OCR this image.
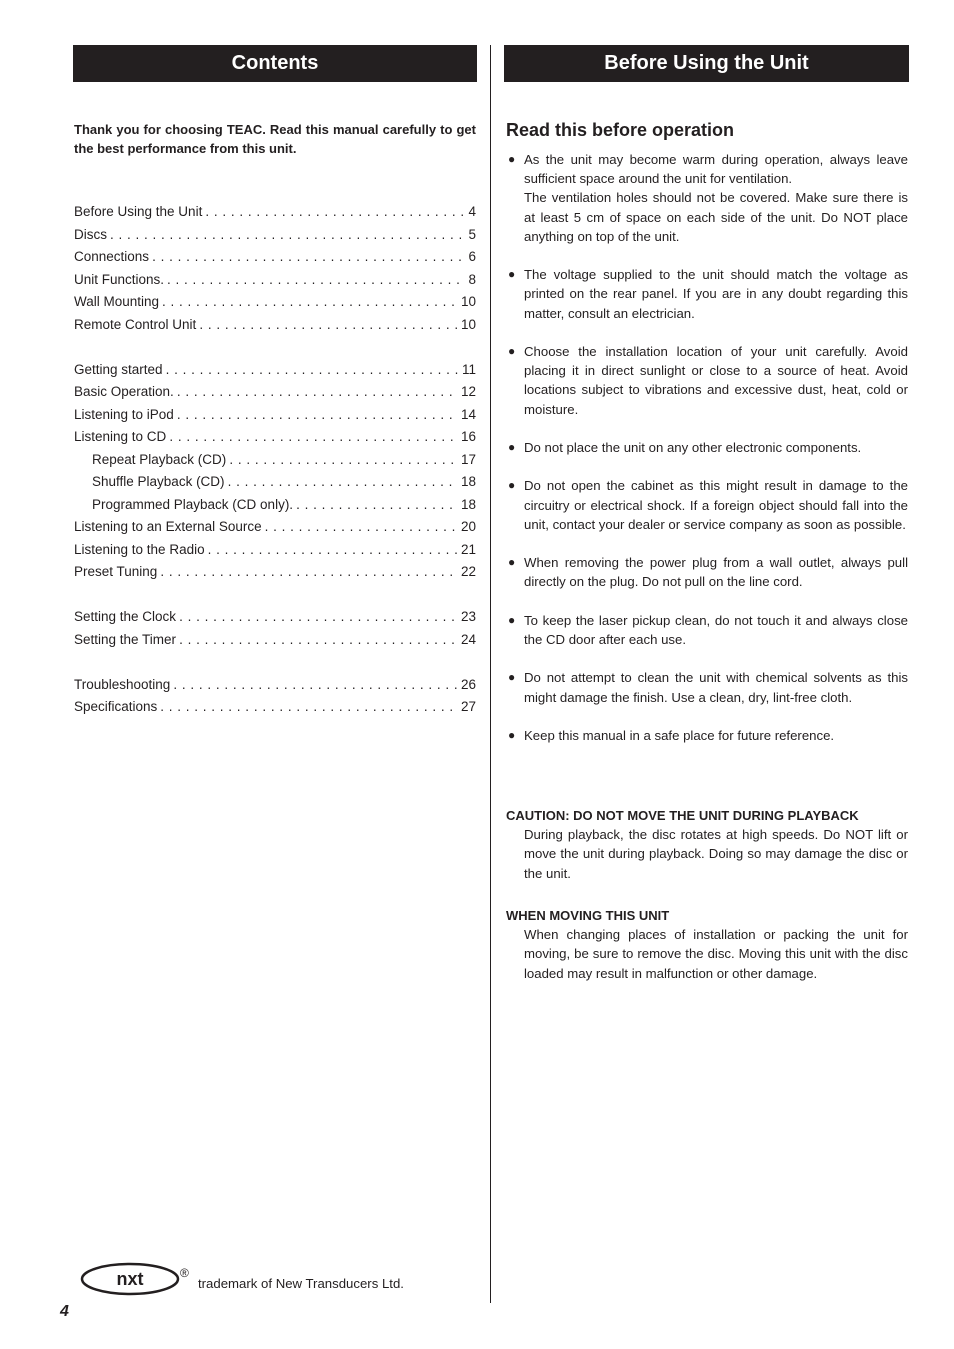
Contents	Before Using the Unit
Thank you for choosing TEAC. Read this manual carefully to get the best performance from this unit.
Before Using the Unit . . .	4
Discs . . .	5
Connections . . .	6
Unit Functions. . . .	8
Wall Mounting . . .	10
Remote Control Unit . . .	10
Getting started . . .	11
Basic Operation. . . .	12
Listening to iPod . . .	14
Listening to CD . . .	16
Repeat Playback (CD) . . .	17
Shuffle Playback (CD) . . .	18
Programmed Playback (CD only). . . .	18
Listening to an External Source . . .	20
Listening to the Radio . . .	21
Preset Tuning . . .	22
Setting the Clock . . .	23
Setting the Timer . . .	24
Troubleshooting . . .	26
Specifications . . .	27
Read this before operation
● As the unit may become warm during operation, always leave sufficient space around the unit for ventilation.
The ventilation holes should not be covered. Make sure there is at least 5 cm of space on each side of the unit. Do NOT place anything on top of the unit.
● The voltage supplied to the unit should match the voltage as printed on the rear panel. If you are in any doubt regarding this matter, consult an electrician.
● Choose the installation location of your unit carefully. Avoid placing it in direct sunlight or close to a source of heat. Avoid locations subject to vibrations and excessive dust, heat, cold or moisture.
● Do not place the unit on any other electronic components.
● Do not open the cabinet as this might result in damage to the circuitry or electrical shock. If a foreign object should fall into the unit, contact your dealer or service company as soon as possible.
● When removing the power plug from a wall outlet, always pull directly on the plug. Do not pull on the line cord.
● To keep the laser pickup clean, do not touch it and always close the CD door after each use.
● Do not attempt to clean the unit with chemical solvents as this might damage the finish. Use a clean, dry, lint-free cloth.
● Keep this manual in a safe place for future reference.
CAUTION: DO NOT MOVE THE UNIT DURING PLAYBACK
During playback, the disc rotates at high speeds. Do NOT lift or move the unit during playback. Doing so may damage the disc or the unit.
WHEN MOVING THIS UNIT
When changing places of installation or packing the unit for moving, be sure to remove the disc. Moving this unit with the disc loaded may result in malfunction or other damage.
nxt	®
trademark of New Transducers Ltd.
4
